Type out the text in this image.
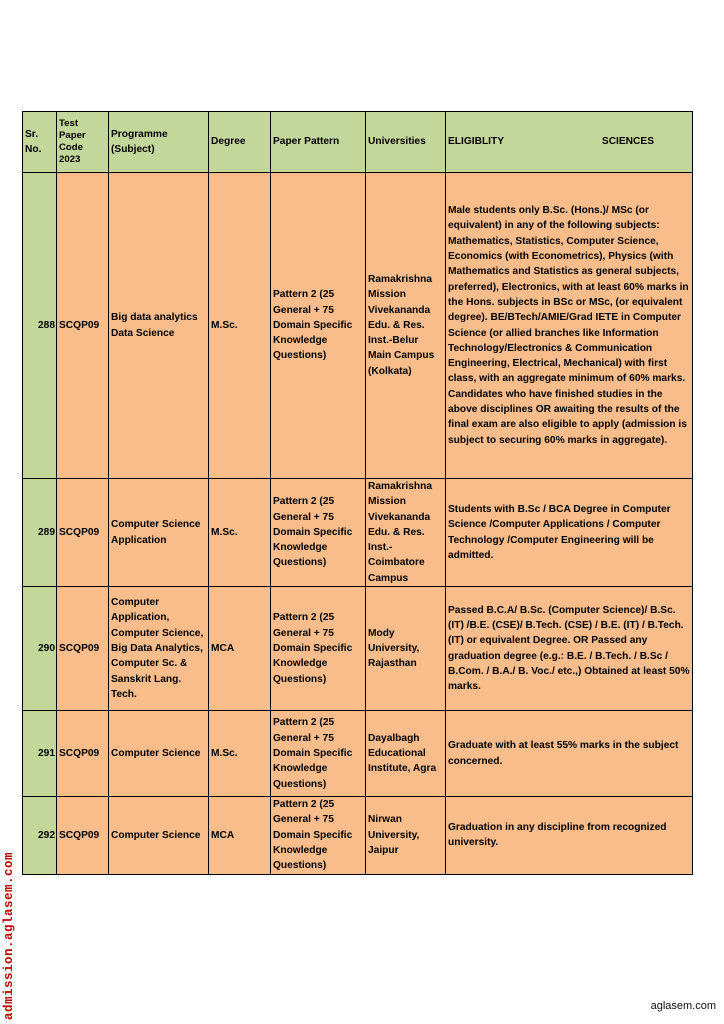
Sr. No.	Test Paper Code 2023	Programme (Subject)	Degree	Paper Pattern	Universities	ELIGIBLITY SCIENCES

288	SCQP09	Big data analytics Data Science	M.Sc.	Pattern 2 (25 General + 75 Domain Specific Knowledge Questions)	Ramakrishna Mission Vivekananda Edu. & Res. Inst.-Belur Main Campus (Kolkata)	Male students only B.Sc. (Hons.)/ MSc (or equivalent) in any of the following subjects: Mathematics, Statistics, Computer Science, Economics (with Econometrics), Physics (with Mathematics and Statistics as general subjects, preferred), Electronics, with at least 60% marks in the Hons. subjects in BSc or MSc, (or equivalent degree). BE/BTech/AMIE/Grad IETE in Computer Science (or allied branches like Information Technology/Electronics & Communication Engineering, Electrical, Mechanical) with first class, with an aggregate minimum of 60% marks. Candidates who have finished studies in the above disciplines OR awaiting the results of the final exam are also eligible to apply (admission is subject to securing 60% marks in aggregate).
289	SCQP09	Computer Science Application	M.Sc.	Pattern 2 (25 General + 75 Domain Specific Knowledge Questions)	Ramakrishna Mission Vivekananda Edu. & Res. Inst.- Coimbatore Campus	Students with B.Sc / BCA Degree in Computer Science /Computer Applications / Computer Technology /Computer Engineering will be admitted.
290	SCQP09	Computer Application, Computer Science, Big Data Analytics, Computer Sc. & Sanskrit Lang. Tech.	MCA	Pattern 2 (25 General + 75 Domain Specific Knowledge Questions)	Mody University, Rajasthan	Passed B.C.A/ B.Sc. (Computer Science)/ B.Sc. (IT) /B.E. (CSE)/ B.Tech. (CSE) / B.E. (IT) / B.Tech. (IT) or equivalent Degree. OR Passed any graduation degree (e.g.: B.E. / B.Tech. / B.Sc / B.Com. / B.A./ B. Voc./ etc.,) Obtained at least 50% marks.
291	SCQP09	Computer Science	M.Sc.	Pattern 2 (25 General + 75 Domain Specific Knowledge Questions)	Dayalbagh Educational Institute, Agra	Graduate with at least 55% marks in the subject concerned.
292	SCQP09	Computer Science	MCA	Pattern 2 (25 General + 75 Domain Specific Knowledge Questions)	Nirwan University, Jaipur	Graduation in any discipline from recognized university.
admission.aglasem.com	aglasem.com
